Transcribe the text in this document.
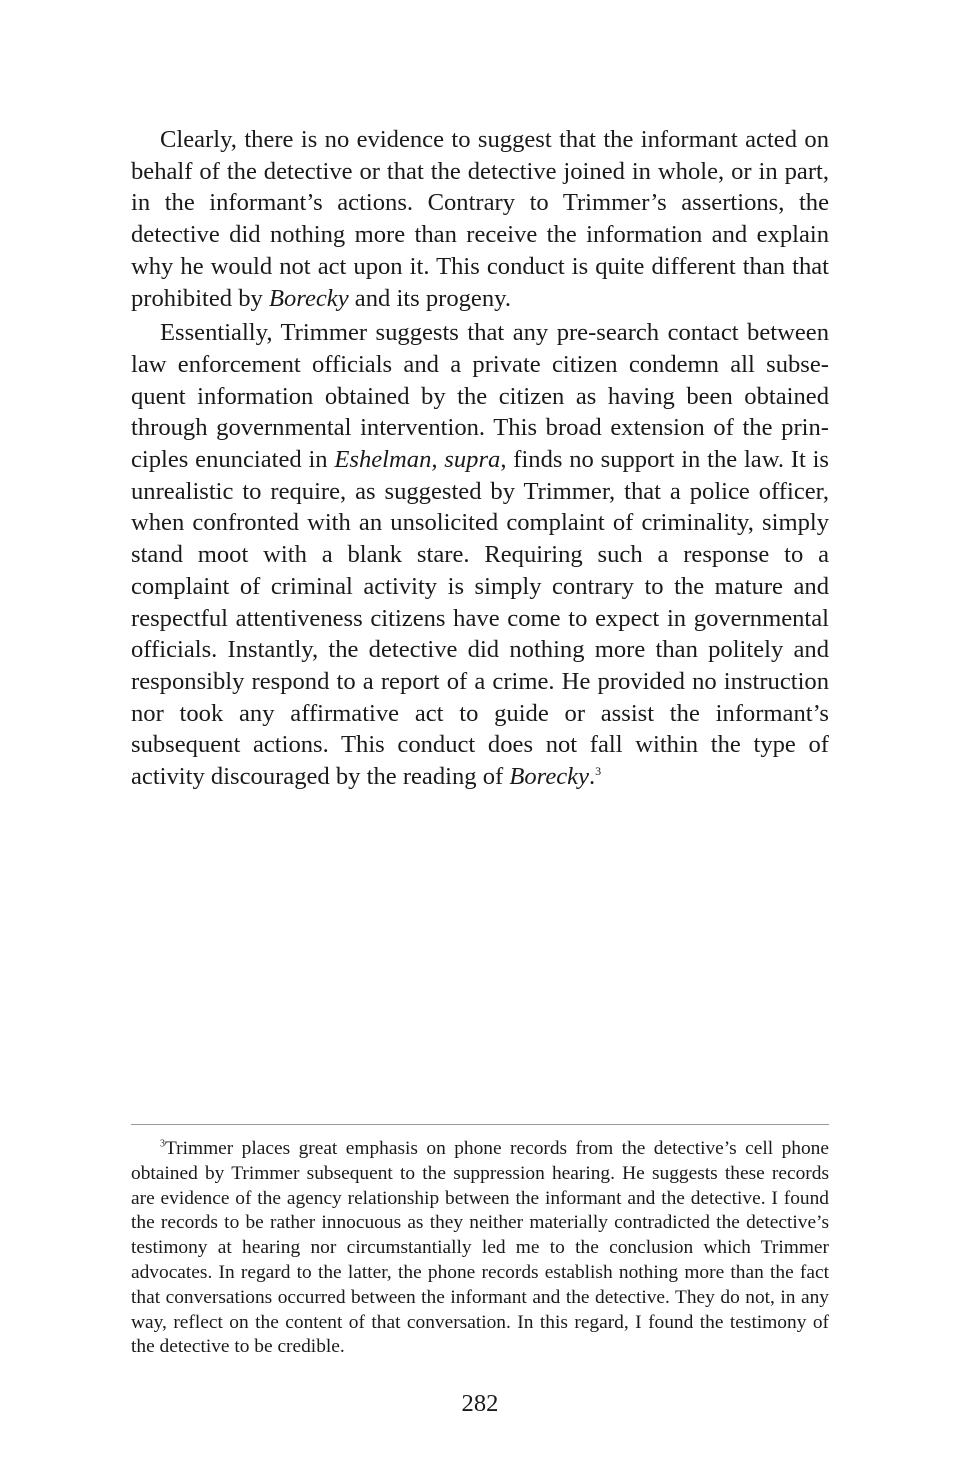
Clearly, there is no evidence to suggest that the informant acted on behalf of the detective or that the detective joined in whole, or in part, in the informant’s actions. Contrary to Trimmer’s assertions, the detective did nothing more than receive the information and explain why he would not act upon it. This conduct is quite different than that prohibited by Borecky and its progeny.

Essentially, Trimmer suggests that any pre-search contact between law enforcement officials and a private citizen condemn all subsequent information obtained by the citizen as having been obtained through governmental intervention. This broad extension of the principles enunciated in Eshelman, supra, finds no support in the law. It is unrealistic to require, as suggested by Trimmer, that a police officer, when confronted with an unsolicited complaint of criminality, simply stand moot with a blank stare. Requiring such a response to a complaint of criminal activity is simply contrary to the mature and respectful attentiveness citizens have come to expect in governmental officials. Instantly, the detective did nothing more than politely and responsibly respond to a report of a crime. He provided no instruction nor took any affirmative act to guide or assist the informant’s subsequent actions. This conduct does not fall within the type of activity discouraged by the reading of Borecky.$^3$

$^3$Trimmer places great emphasis on phone records from the detective’s cell phone obtained by Trimmer subsequent to the suppression hearing. He suggests these records are evidence of the agency relationship between the informant and the detective. I found the records to be rather innocuous as they neither materially contradicted the detective’s testimony at hearing nor circumstantially led me to the conclusion which Trimmer advocates. In regard to the latter, the phone records establish nothing more than the fact that conversations occurred between the informant and the detective. They do not, in any way, reflect on the content of that conversation. In this regard, I found the testimony of the detective to be credible.

282
